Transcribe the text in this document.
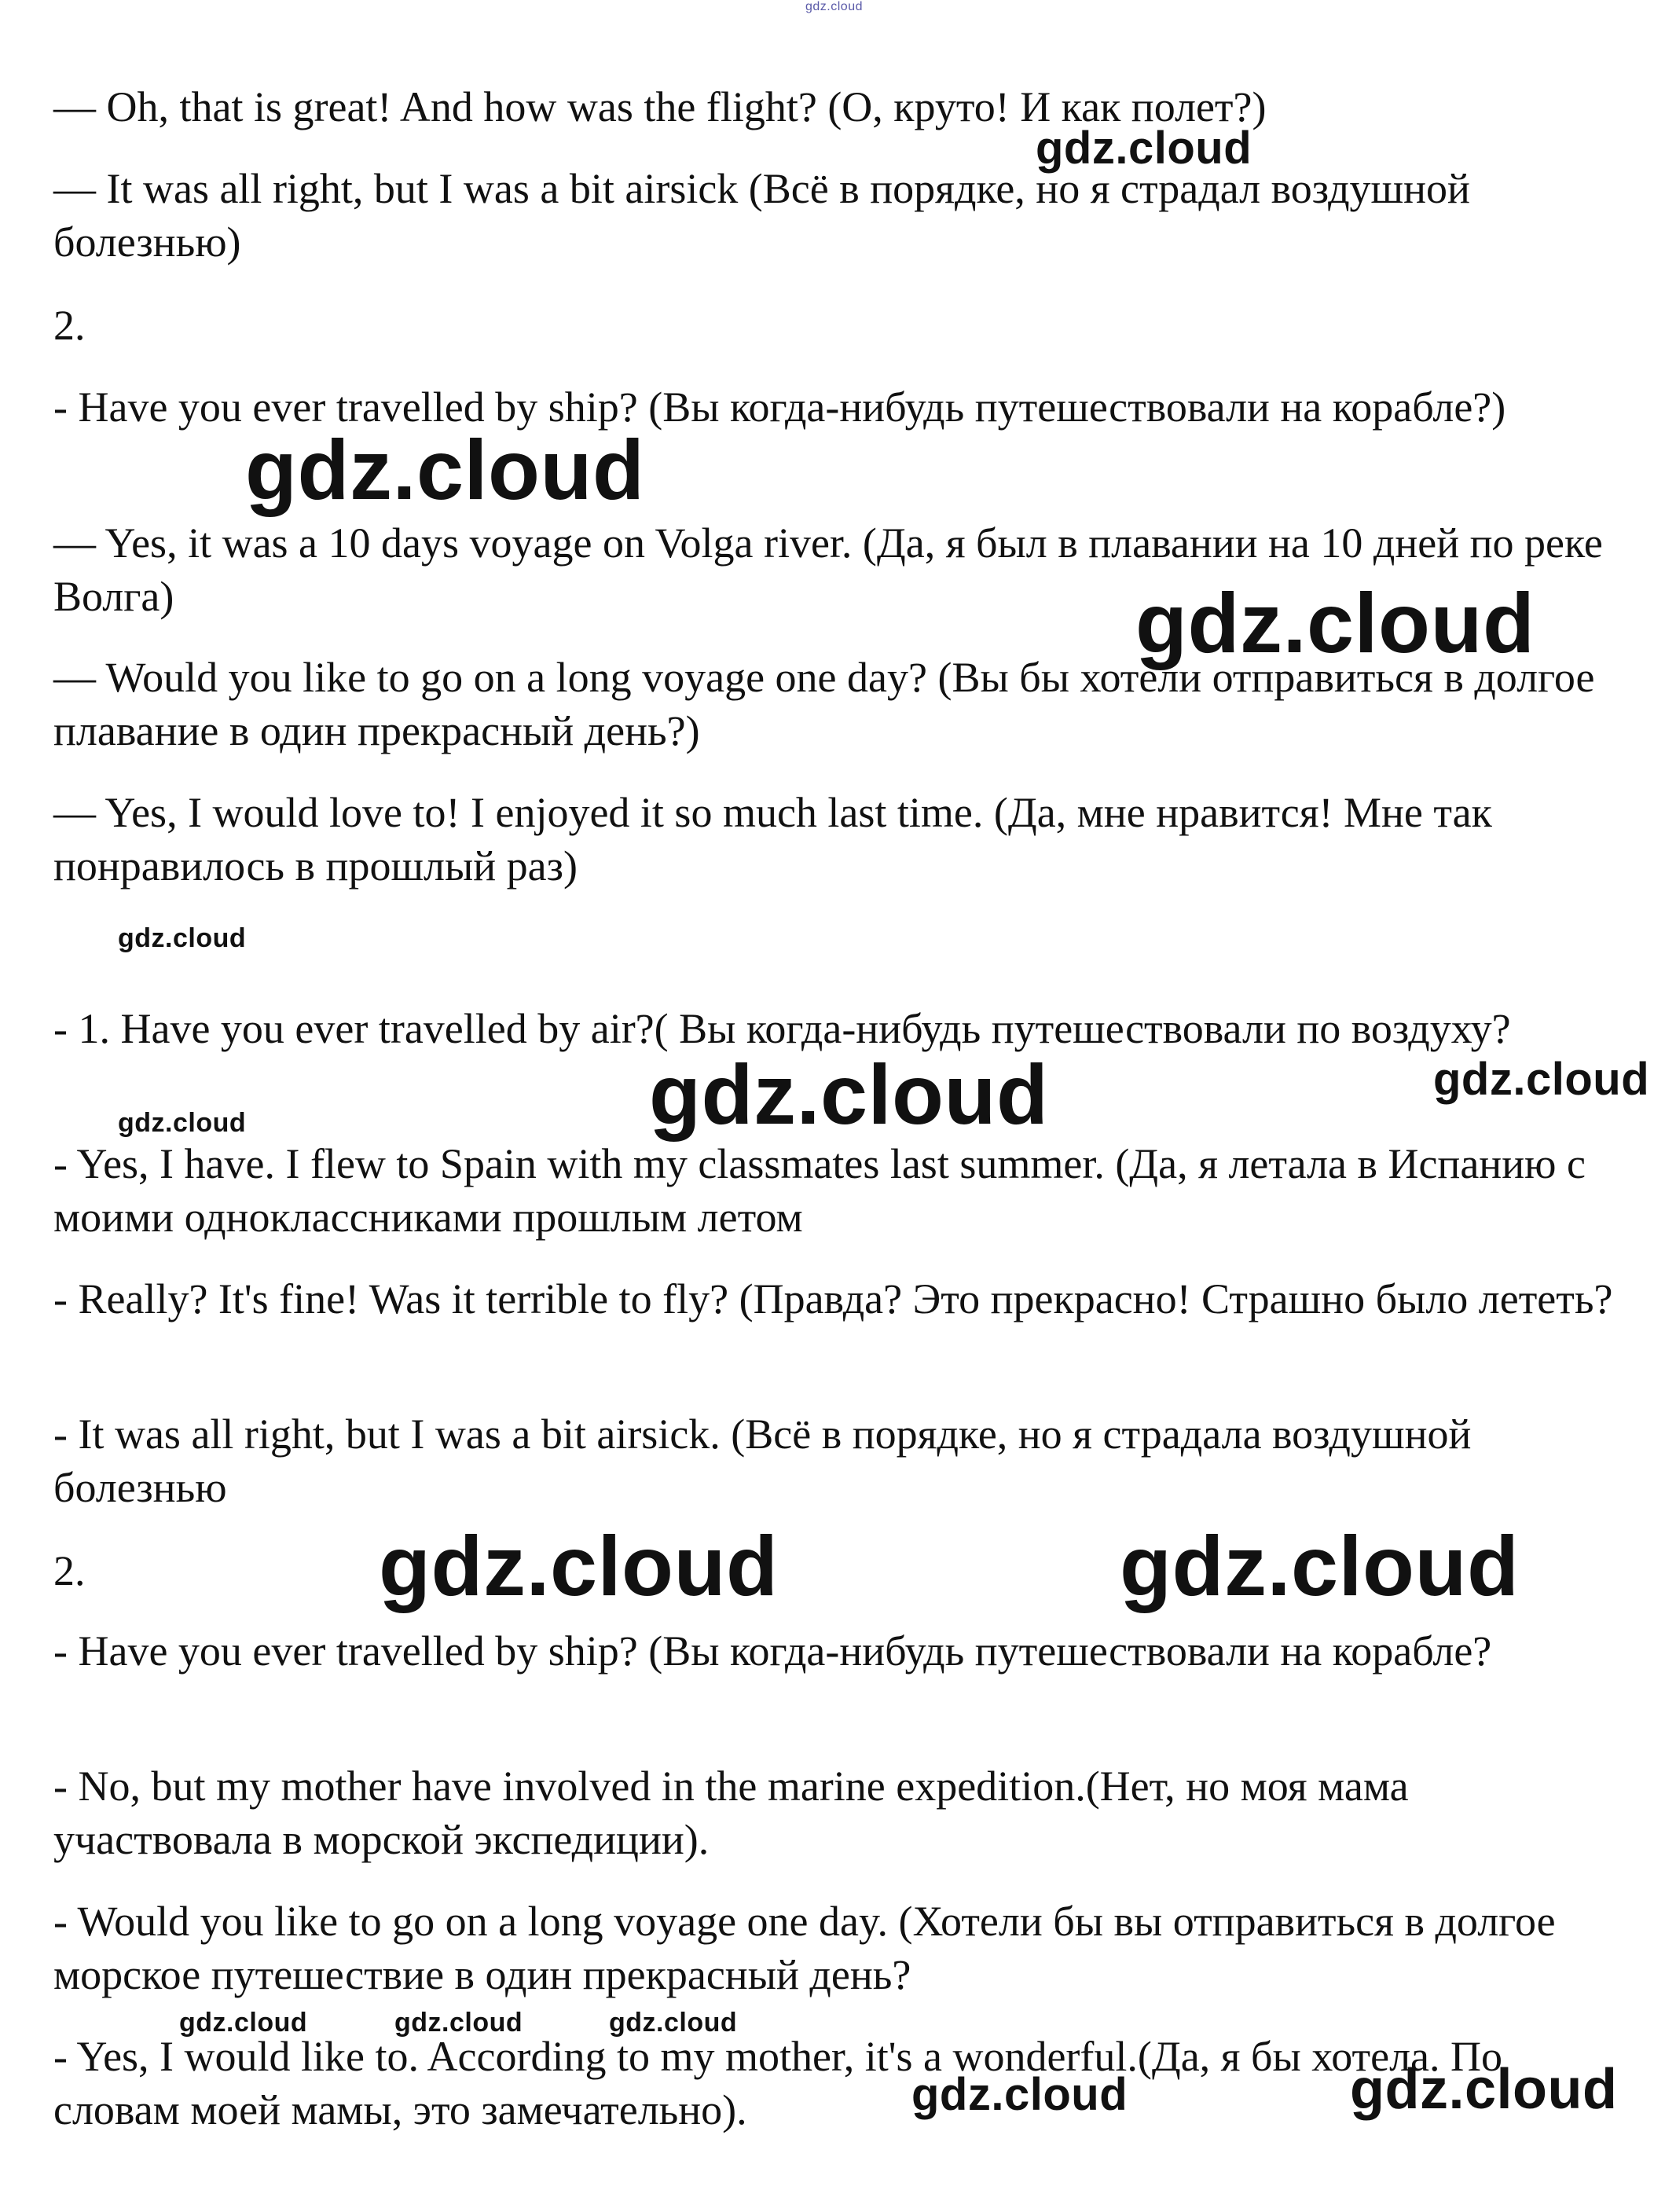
— Oh, that is great! And how was the flight? (О, круто! И как полет?)

— It was all right, but I was a bit airsick (Всё в порядке, но я страдал воздушной болезнью)

2.

- Have you ever travelled by ship? (Вы когда-нибудь путешествовали на корабле?)

— Yes, it was a 10 days voyage on Volga river. (Да, я был в плавании на 10 дней по реке Волга)

— Would you like to go on a long voyage one day? (Вы бы хотели отправиться в долгое плавание в один прекрасный день?)

— Yes, I would love to! I enjoyed it so much last time. (Да, мне нравится! Мне так понравилось в прошлый раз)

- 1. Have you ever travelled by air?( Вы когда-нибудь путешествовали по воздуху?

- Yes, I have. I flew to Spain with my classmates last summer. (Да, я летала в Испанию с моими одноклассниками прошлым летом

- Really? It's fine! Was it terrible to fly? (Правда? Это прекрасно! Страшно было лететь?

- It was all right, but I was a bit airsick. (Всё в порядке, но я страдала воздушной болезнью

2.

- Have you ever travelled by ship? (Вы когда-нибудь путешествовали на корабле?

- No, but my mother have involved in the marine expedition.(Нет, но моя мама участвовала в морской экспедиции).

- Would you like to go on a long voyage one day. (Хотели бы вы отправиться в долгое морское путешествие в один прекрасный день?

- Yes, I would like to. According to my mother, it's a wonderful.(Да, я бы хотела. По словам моей мамы, это замечательно).

gdz.cloud
gdz.cloud
gdz.cloud
gdz.cloud
gdz.cloud
gdz.cloud	gdz.cloud
gdz.cloud
gdz.cloud	gdz.cloud
gdz.cloud	gdz.cloud	gdz.cloud
gdz.cloud	gdz.cloud
